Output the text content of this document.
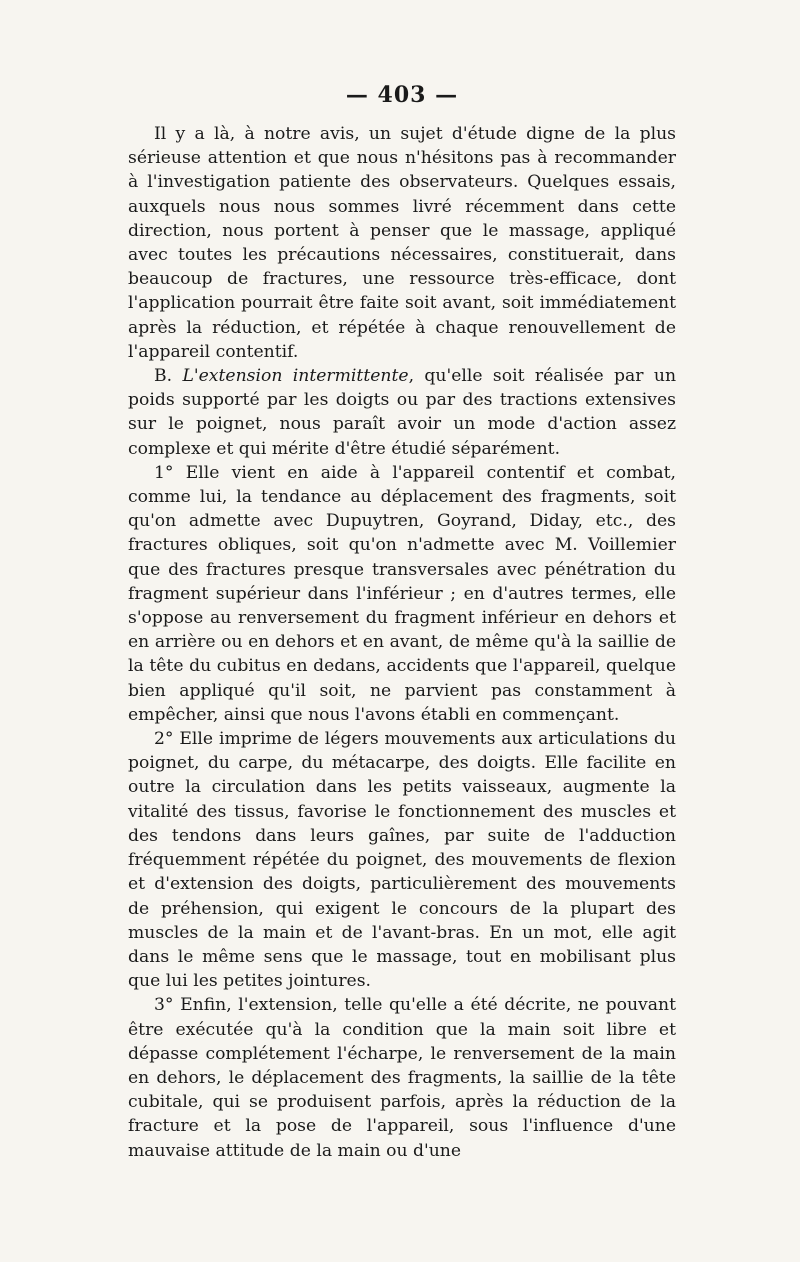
— 403 —

Il y a là, à notre avis, un sujet d'étude digne de la plus sérieuse attention et que nous n'hésitons pas à recommander à l'investigation patiente des observateurs. Quelques essais, auxquels nous nous sommes livré récemment dans cette direction, nous portent à penser que le massage, appliqué avec toutes les précautions nécessaires, constituerait, dans beaucoup de fractures, une ressource très-efficace, dont l'application pourrait être faite soit avant, soit immédiatement après la réduction, et répétée à chaque renouvellement de l'appareil contentif.

B. L'extension intermittente, qu'elle soit réalisée par un poids supporté par les doigts ou par des tractions extensives sur le poignet, nous paraît avoir un mode d'action assez complexe et qui mérite d'être étudié séparément.

1° Elle vient en aide à l'appareil contentif et combat, comme lui, la tendance au déplacement des fragments, soit qu'on admette avec Dupuytren, Goyrand, Diday, etc., des fractures obliques, soit qu'on n'admette avec M. Voillemier que des fractures presque transversales avec pénétration du fragment supérieur dans l'inférieur ; en d'autres termes, elle s'oppose au renversement du fragment inférieur en dehors et en arrière ou en dehors et en avant, de même qu'à la saillie de la tête du cubitus en dedans, accidents que l'appareil, quelque bien appliqué qu'il soit, ne parvient pas constamment à empêcher, ainsi que nous l'avons établi en commençant.

2° Elle imprime de légers mouvements aux articulations du poignet, du carpe, du métacarpe, des doigts. Elle facilite en outre la circulation dans les petits vaisseaux, augmente la vitalité des tissus, favorise le fonctionnement des muscles et des tendons dans leurs gaînes, par suite de l'adduction fréquemment répétée du poignet, des mouvements de flexion et d'extension des doigts, particulièrement des mouvements de préhension, qui exigent le concours de la plupart des muscles de la main et de l'avant-bras. En un mot, elle agit dans le même sens que le massage, tout en mobilisant plus que lui les petites jointures.

3° Enfin, l'extension, telle qu'elle a été décrite, ne pouvant être exécutée qu'à la condition que la main soit libre et dépasse complétement l'écharpe, le renversement de la main en dehors, le déplacement des fragments, la saillie de la tête cubitale, qui se produisent parfois, après la réduction de la fracture et la pose de l'appareil, sous l'influence d'une mauvaise attitude de la main ou d'une
